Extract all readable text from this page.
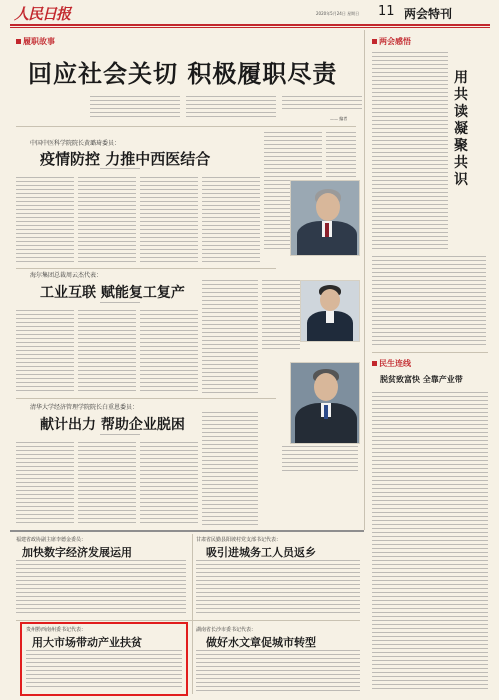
人民日报	2020年5月24日 星期日 11 两会特刊
履职故事
回应社会关切 积极履职尽责
—— 编者
中国中医科学院院长黄璐琦委员：
疫情防控 力推中西医结合
海尔集团总裁周云杰代表：
工业互联 赋能复工复产
清华大学经济管理学院院长白重恩委员：
献计出力 帮助企业脱困
两会感悟
用共读凝聚共识
民生连线
脱贫致富快 全靠产业带
福建省政协副主席李德金委员：
加快数字经济发展运用
甘肃省民勤县阳坡村党支部书记代表：
吸引进城务工人员返乡
贵州黔西南州委书记代表：
用大市场带动产业扶贫
湖南省长沙市委书记代表：
做好水文章促城市转型
